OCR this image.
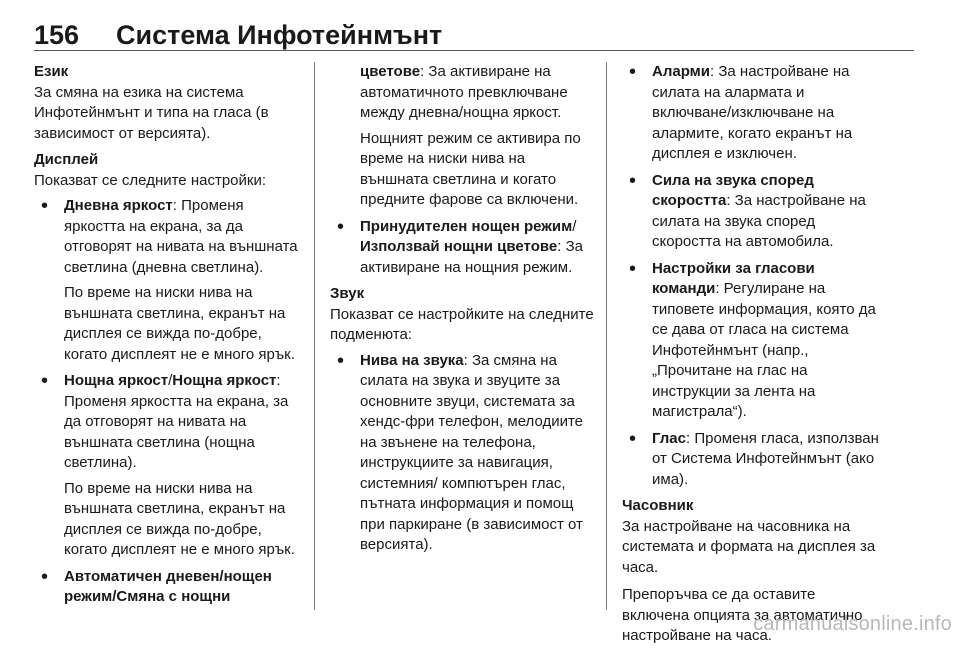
156 Система Инфотейнмънт
Език

За смяна на езика на система Инфотейнмънт и типа на гласа (в зависимост от версията).

Дисплей

Показват се следните настройки:

• Дневна яркост: Променя яркостта на екрана, за да отговорят на нивата на външната светлина (дневна светлина).

По време на ниски нива на външната светлина, екранът на дисплея се вижда по-добре, когато дисплеят не е много ярък.

• Нощна яркост/Нощна яркост: Променя яркостта на екрана, за да отговорят на нивата на външната светлина (нощна светлина).

По време на ниски нива на външната светлина, екранът на дисплея се вижда по-добре, когато дисплеят не е много ярък.

• Автоматичен дневен/нощен режим/Смяна с нощни

цветове: За активиране на автоматичното превключване между дневна/нощна яркост.

Нощният режим се активира по време на ниски нива на външната светлина и когато предните фарове са включени.

• Принудителен нощен режим/Използвай нощни цветове: За активиране на нощния режим.

Звук

Показват се настройките на следните подменюта:

• Нива на звука: За смяна на силата на звука и звуците за основните звуци, системата за хендс-фри телефон, мелодиите на звънене на телефона, инструкциите за навигация, системния/ компютърен глас, пътната информация и помощ при паркиране (в зависимост от версията).

• Аларми: За настройване на силата на алармата и включване/изключване на алармите, когато екранът на дисплея е изключен.

• Сила на звука според скоростта: За настройване на силата на звука според скоростта на автомобила.

• Настройки за гласови команди: Регулиране на типовете информация, която да се дава от гласа на система Инфотейнмънт (напр., „Прочитане на глас на инструкции за лента на магистрала“).

• Глас: Променя гласа, използван от Система Инфотейнмънт (ако има).

Часовник

За настройване на часовника на системата и формата на дисплея за часа.

Препоръчва се да оставите включена опцията за автоматично настройване на часа.

carmanualsonline.info
